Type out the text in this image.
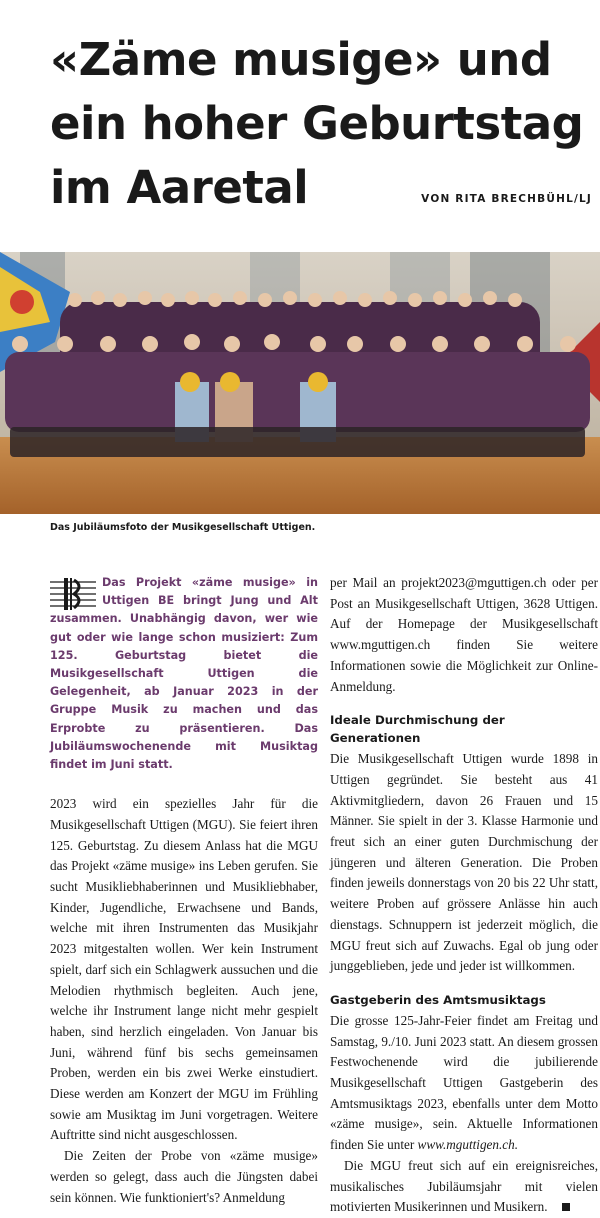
«Zäme musige» und
ein hoher Geburtstag
im Aaretal	VON RITA BRECHBÜHL/LJ
Das Jubiläumsfoto der Musikgesellschaft Uttigen.

Das Projekt «zäme musige» in Uttigen BE bringt Jung und Alt zusammen. Unabhängig davon, wer wie gut oder wie lange schon musiziert: Zum 125. Geburtstag bietet die Musikgesellschaft Uttigen die Gelegenheit, ab Januar 2023 in der Gruppe Musik zu machen und das Erprobte zu präsentieren. Das Jubiläumswochenende mit Musiktag findet im Juni statt.

2023 wird ein spezielles Jahr für die Musikgesellschaft Uttigen (MGU). Sie feiert ihren 125. Geburtstag. Zu diesem Anlass hat die MGU das Projekt «zäme musige» ins Leben gerufen. Sie sucht Musikliebhaberinnen und Musikliebhaber, Kinder, Jugendliche, Erwachsene und Bands, welche mit ihren Instrumenten das Musikjahr 2023 mitgestalten wollen. Wer kein Instrument spielt, darf sich ein Schlagwerk aussuchen und die Melodien rhythmisch begleiten. Auch jene, welche ihr Instrument lange nicht mehr gespielt haben, sind herzlich eingeladen. Von Januar bis Juni, während fünf bis sechs gemeinsamen Proben, werden ein bis zwei Werke einstudiert. Diese werden am Konzert der MGU im Frühling sowie am Musiktag im Juni vorgetragen. Weitere Auftritte sind nicht ausgeschlossen.

Die Zeiten der Probe von «zäme musige» werden so gelegt, dass auch die Jüngsten dabei sein können. Wie funktioniert's? Anmeldung

per Mail an projekt2023@mguttigen.ch oder per Post an Musikgesellschaft Uttigen, 3628 Uttigen. Auf der Homepage der Musikgesellschaft www.mguttigen.ch finden Sie weitere Informationen sowie die Möglichkeit zur Online-Anmeldung.

Ideale Durchmischung der Generationen

Die Musikgesellschaft Uttigen wurde 1898 in Uttigen gegründet. Sie besteht aus 41 Aktivmitgliedern, davon 26 Frauen und 15 Männer. Sie spielt in der 3. Klasse Harmonie und freut sich an einer guten Durchmischung der jüngeren und älteren Generation. Die Proben finden jeweils donnerstags von 20 bis 22 Uhr statt, weitere Proben auf grössere Anlässe hin auch dienstags. Schnuppern ist jederzeit möglich, die MGU freut sich auf Zuwachs. Egal ob jung oder junggeblieben, jede und jeder ist willkommen.

Gastgeberin des Amtsmusiktags

Die grosse 125-Jahr-Feier findet am Freitag und Samstag, 9./10. Juni 2023 statt. An diesem grossen Festwochenende wird die jubilierende Musikgesellschaft Uttigen Gastgeberin des Amtsmusiktags 2023, ebenfalls unter dem Motto «zäme musige», sein. Aktuelle Informationen finden Sie unter www.mguttigen.ch.

Die MGU freut sich auf ein ereignisreiches, musikalisches Jubiläumsjahr mit vielen motivierten Musikerinnen und Musikern.
